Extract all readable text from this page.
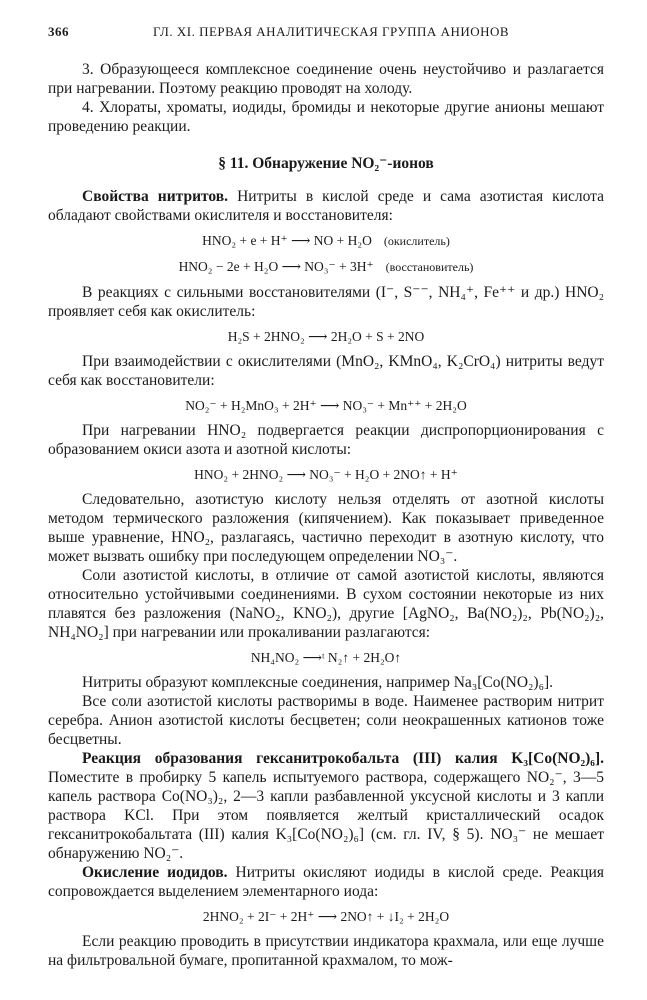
366	ГЛ. XI. ПЕРВАЯ АНАЛИТИЧЕСКАЯ ГРУППА АНИОНОВ

3. Образующееся комплексное соединение очень неустойчиво и разлагается при нагревании. Поэтому реакцию проводят на холоду.

4. Хлораты, хроматы, иодиды, бромиды и некоторые другие анионы мешают проведению реакции.

§ 11. Обнаружение NO₂⁻-ионов

Свойства нитритов. Нитриты в кислой среде и сама азотистая кислота обладают свойствами окислителя и восстановителя:

HNO₂ + e + H⁺ ⟶ NO + H₂O (окислитель)
HNO₂ − 2e + H₂O ⟶ NO₃⁻ + 3H⁺ (восстановитель)

В реакциях с сильными восстановителями (I⁻, S⁻⁻, NH₄⁺, Fe⁺⁺ и др.) HNO₂ проявляет себя как окислитель:

H₂S + 2HNO₂ ⟶ 2H₂O + S + 2NO

При взаимодействии с окислителями (MnO₂, KMnO₄, K₂CrO₄) нитриты ведут себя как восстановители:

NO₂⁻ + H₂MnO₃ + 2H⁺ ⟶ NO₃⁻ + Mn⁺⁺ + 2H₂O

При нагревании HNO₂ подвергается реакции диспропорционирования с образованием окиси азота и азотной кислоты:

HNO₂ + 2HNO₂ ⟶ NO₃⁻ + H₂O + 2NO↑ + H⁺

Следовательно, азотистую кислоту нельзя отделять от азотной кислоты методом термического разложения (кипячением). Как показывает приведенное выше уравнение, HNO₂, разлагаясь, частично переходит в азотную кислоту, что может вызвать ошибку при последующем определении NO₃⁻.

Соли азотистой кислоты, в отличие от самой азотистой кислоты, являются относительно устойчивыми соединениями. В сухом состоянии некоторые из них плавятся без разложения (NaNO₂, KNO₂), другие [AgNO₂, Ba(NO₂)₂, Pb(NO₂)₂, NH₄NO₂] при нагревании или прокаливании разлагаются:

NH₄NO₂ ⟶ᵗ N₂↑ + 2H₂O↑

Нитриты образуют комплексные соединения, например Na₃[Co(NO₂)₆].

Все соли азотистой кислоты растворимы в воде. Наименее растворим нитрит серебра. Анион азотистой кислоты бесцветен; соли неокрашенных катионов тоже бесцветны.

Реакция образования гексанитрокобальта (III) калия K₃[Co(NO₂)₆]. Поместите в пробирку 5 капель испытуемого раствора, содержащего NO₂⁻, 3—5 капель раствора Co(NO₃)₂, 2—3 капли разбавленной уксусной кислоты и 3 капли раствора KCl. При этом появляется желтый кристаллический осадок гексанитрокобальтата (III) калия K₃[Co(NO₂)₆] (см. гл. IV, § 5). NO₃⁻ не мешает обнаружению NO₂⁻.

Окисление иодидов. Нитриты окисляют иодиды в кислой среде. Реакция сопровождается выделением элементарного иода:

2HNO₂ + 2I⁻ + 2H⁺ ⟶ 2NO↑ + ↓I₂ + 2H₂O

Если реакцию проводить в присутствии индикатора крахмала, или еще лучше на фильтровальной бумаге, пропитанной крахмалом, то мож-
